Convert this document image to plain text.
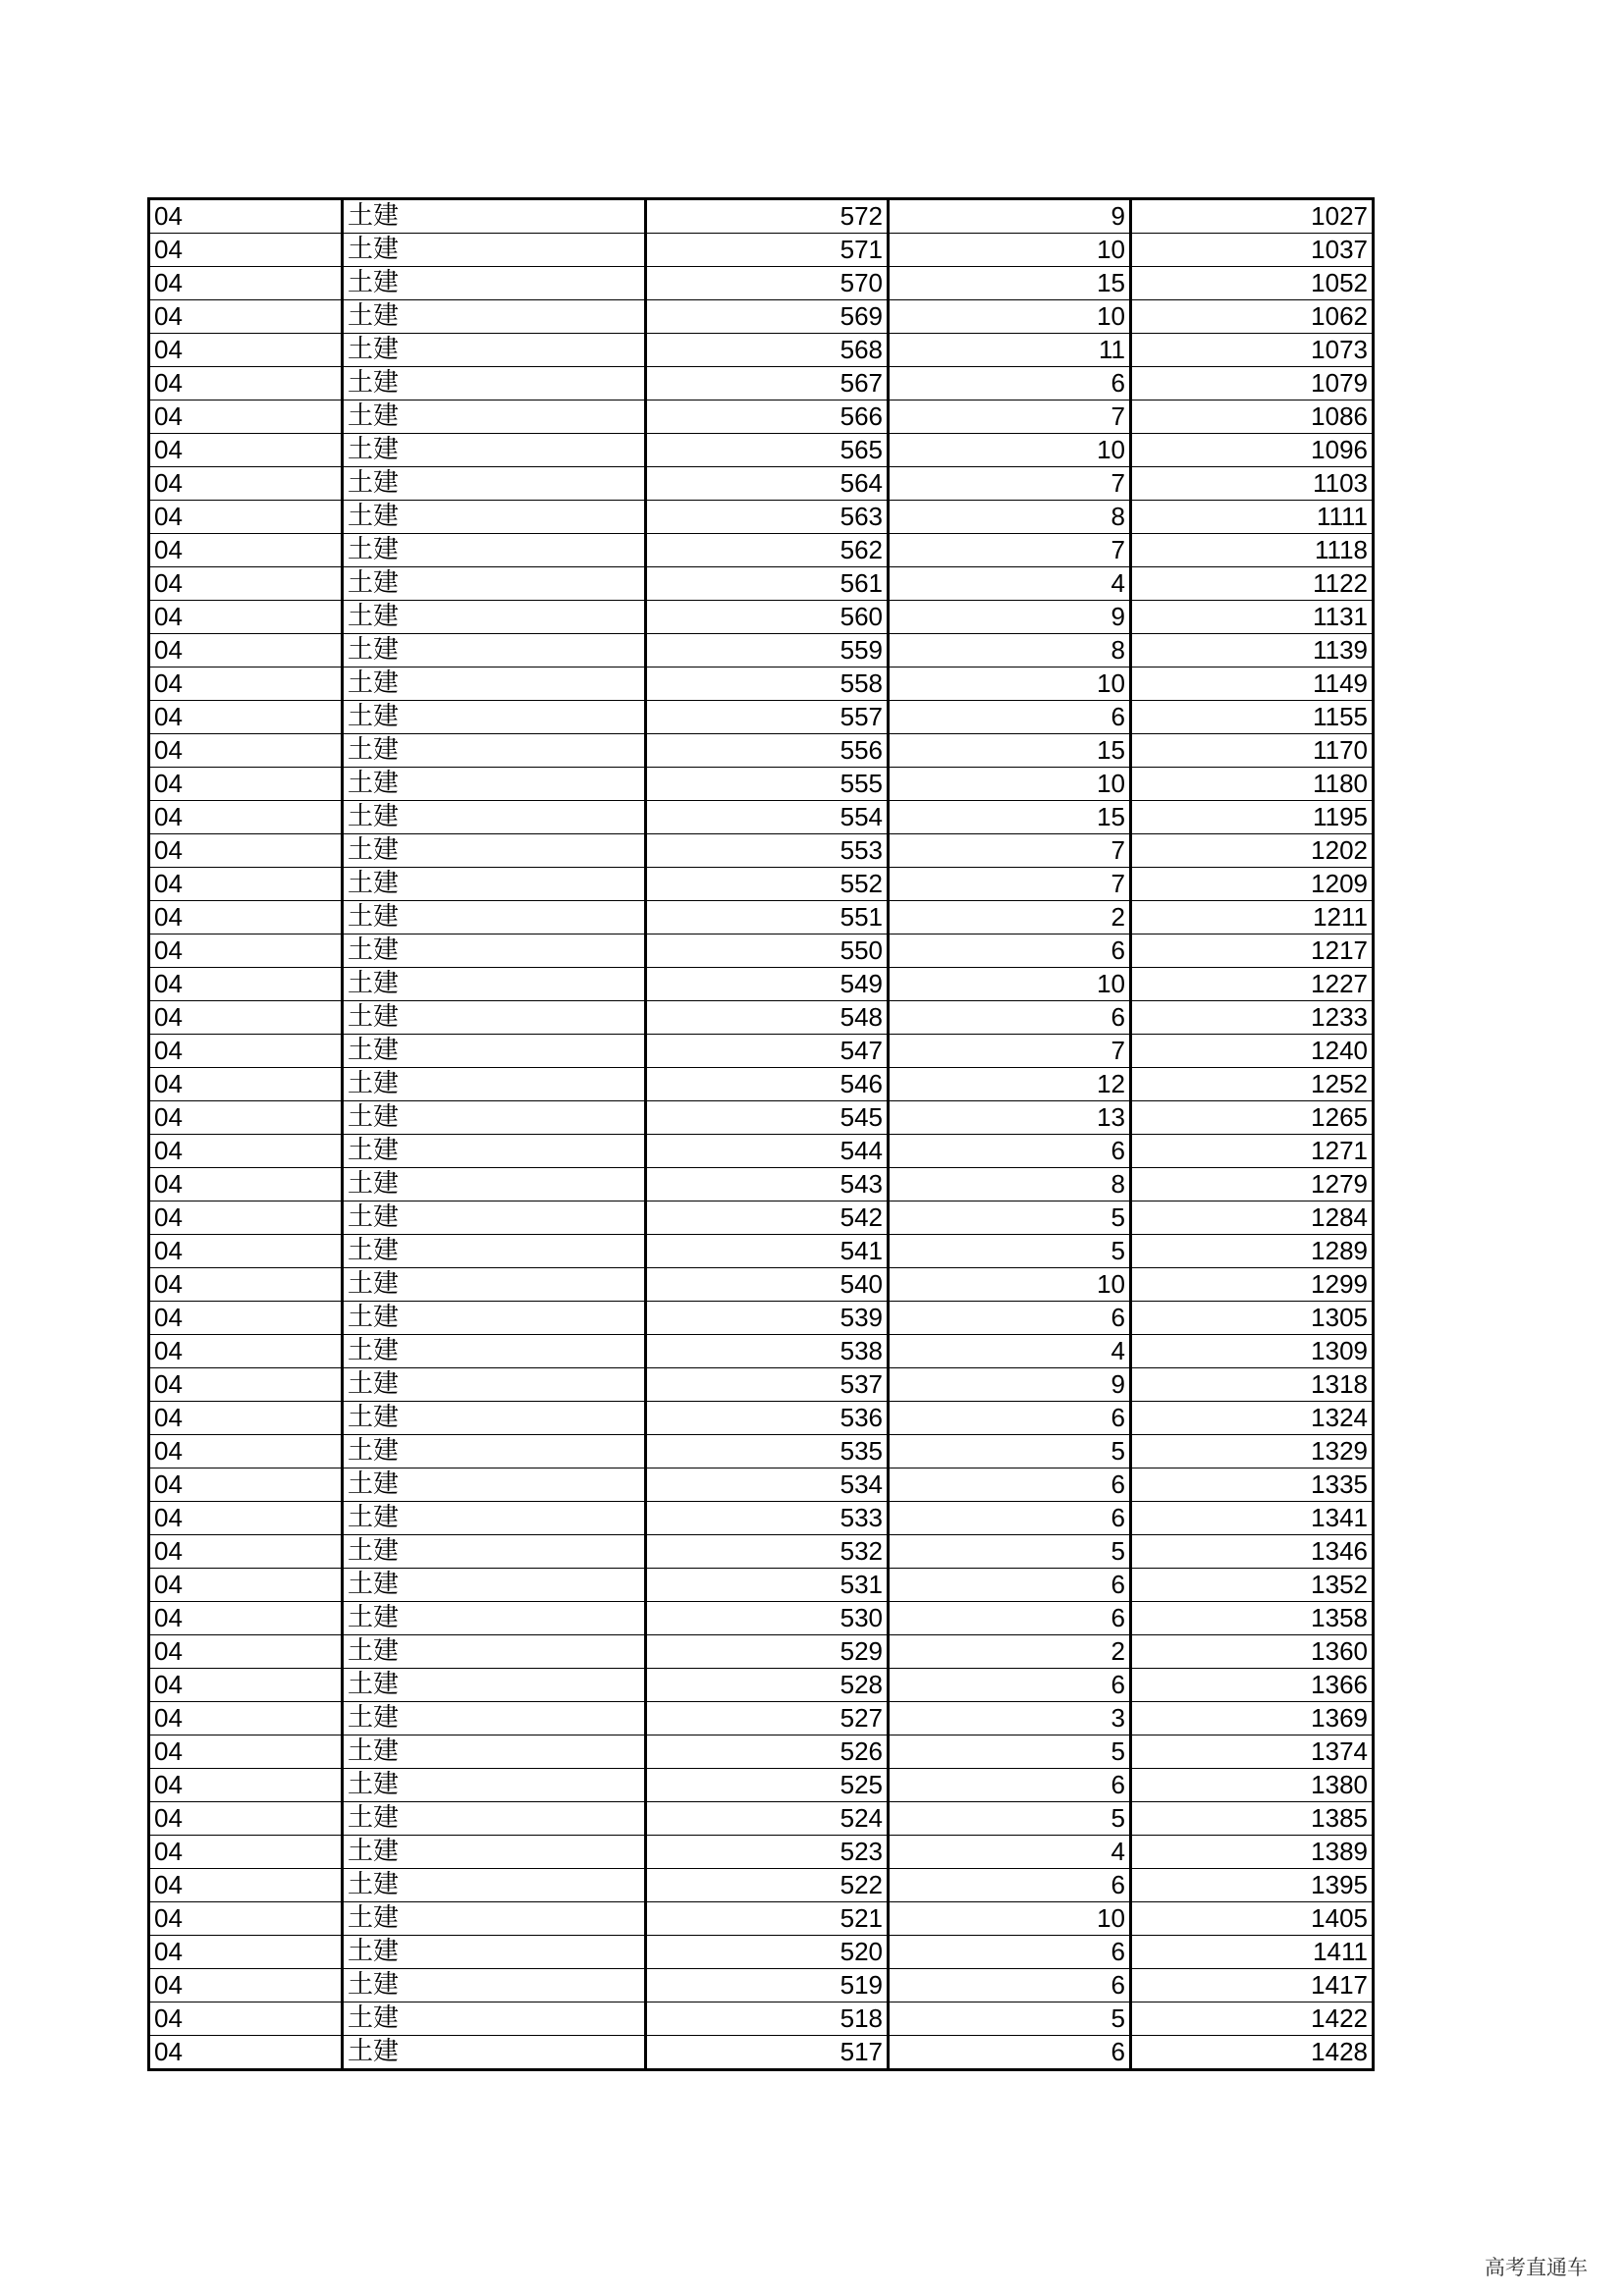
04	土建	572	9	1027
04	土建	571	10	1037
04	土建	570	15	1052
04	土建	569	10	1062
04	土建	568	11	1073
04	土建	567	6	1079
04	土建	566	7	1086
04	土建	565	10	1096
04	土建	564	7	1103
04	土建	563	8	1111
04	土建	562	7	1118
04	土建	561	4	1122
04	土建	560	9	1131
04	土建	559	8	1139
04	土建	558	10	1149
04	土建	557	6	1155
04	土建	556	15	1170
04	土建	555	10	1180
04	土建	554	15	1195
04	土建	553	7	1202
04	土建	552	7	1209
04	土建	551	2	1211
04	土建	550	6	1217
04	土建	549	10	1227
04	土建	548	6	1233
04	土建	547	7	1240
04	土建	546	12	1252
04	土建	545	13	1265
04	土建	544	6	1271
04	土建	543	8	1279
04	土建	542	5	1284
04	土建	541	5	1289
04	土建	540	10	1299
04	土建	539	6	1305
04	土建	538	4	1309
04	土建	537	9	1318
04	土建	536	6	1324
04	土建	535	5	1329
04	土建	534	6	1335
04	土建	533	6	1341
04	土建	532	5	1346
04	土建	531	6	1352
04	土建	530	6	1358
04	土建	529	2	1360
04	土建	528	6	1366
04	土建	527	3	1369
04	土建	526	5	1374
04	土建	525	6	1380
04	土建	524	5	1385
04	土建	523	4	1389
04	土建	522	6	1395
04	土建	521	10	1405
04	土建	520	6	1411
04	土建	519	6	1417
04	土建	518	5	1422
04	土建	517	6	1428
高考直通车
